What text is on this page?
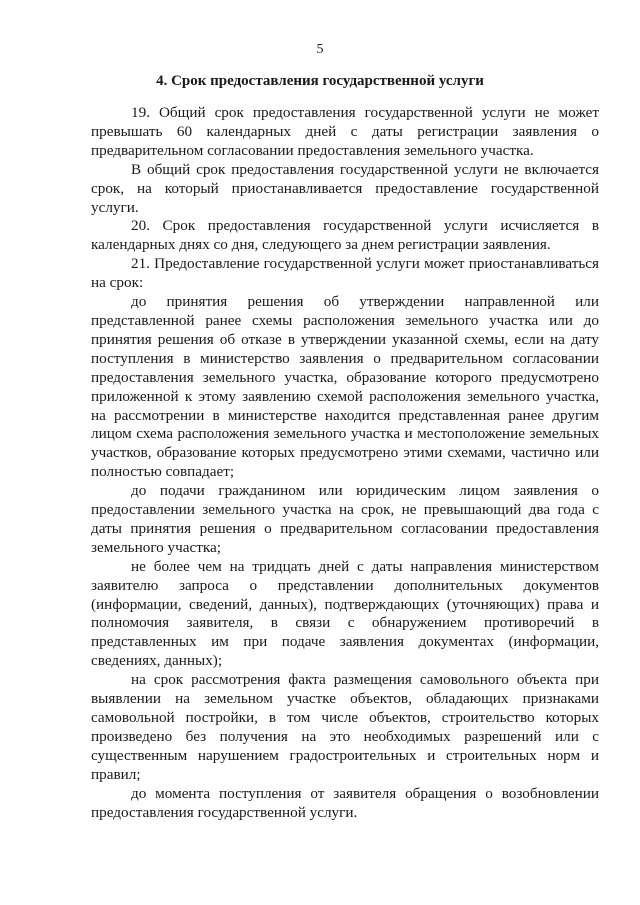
5
4. Срок предоставления государственной услуги

19. Общий срок предоставления государственной услуги не может превышать 60 календарных дней с даты регистрации заявления о предварительном согласовании предоставления земельного участка.

В общий срок предоставления государственной услуги не включается срок, на который приостанавливается предоставление государственной услуги.

20. Срок предоставления государственной услуги исчисляется в календарных днях со дня, следующего за днем регистрации заявления.

21. Предоставление государственной услуги может приостанавливаться на срок:

до принятия решения об утверждении направленной или представленной ранее схемы расположения земельного участка или до принятия решения об отказе в утверждении указанной схемы, если на дату поступления в министерство заявления о предварительном согласовании предоставления земельного участка, образование которого предусмотрено приложенной к этому заявлению схемой расположения земельного участка, на рассмотрении в министерстве находится представленная ранее другим лицом схема расположения земельного участка и местоположение земельных участков, образование которых предусмотрено этими схемами, частично или полностью совпадает;

до подачи гражданином или юридическим лицом заявления о предоставлении земельного участка на срок, не превышающий два года с даты принятия решения о предварительном согласовании предоставления земельного участка;

не более чем на тридцать дней с даты направления министерством заявителю запроса о представлении дополнительных документов (информации, сведений, данных), подтверждающих (уточняющих) права и полномочия заявителя, в связи с обнаружением противоречий в представленных им при подаче заявления документах (информации, сведениях, данных);

на срок рассмотрения факта размещения самовольного объекта при выявлении на земельном участке объектов, обладающих признаками самовольной постройки, в том числе объектов, строительство которых произведено без получения на это необходимых разрешений или с существенным нарушением градостроительных и строительных норм и правил;

до момента поступления от заявителя обращения о возобновлении предоставления государственной услуги.
